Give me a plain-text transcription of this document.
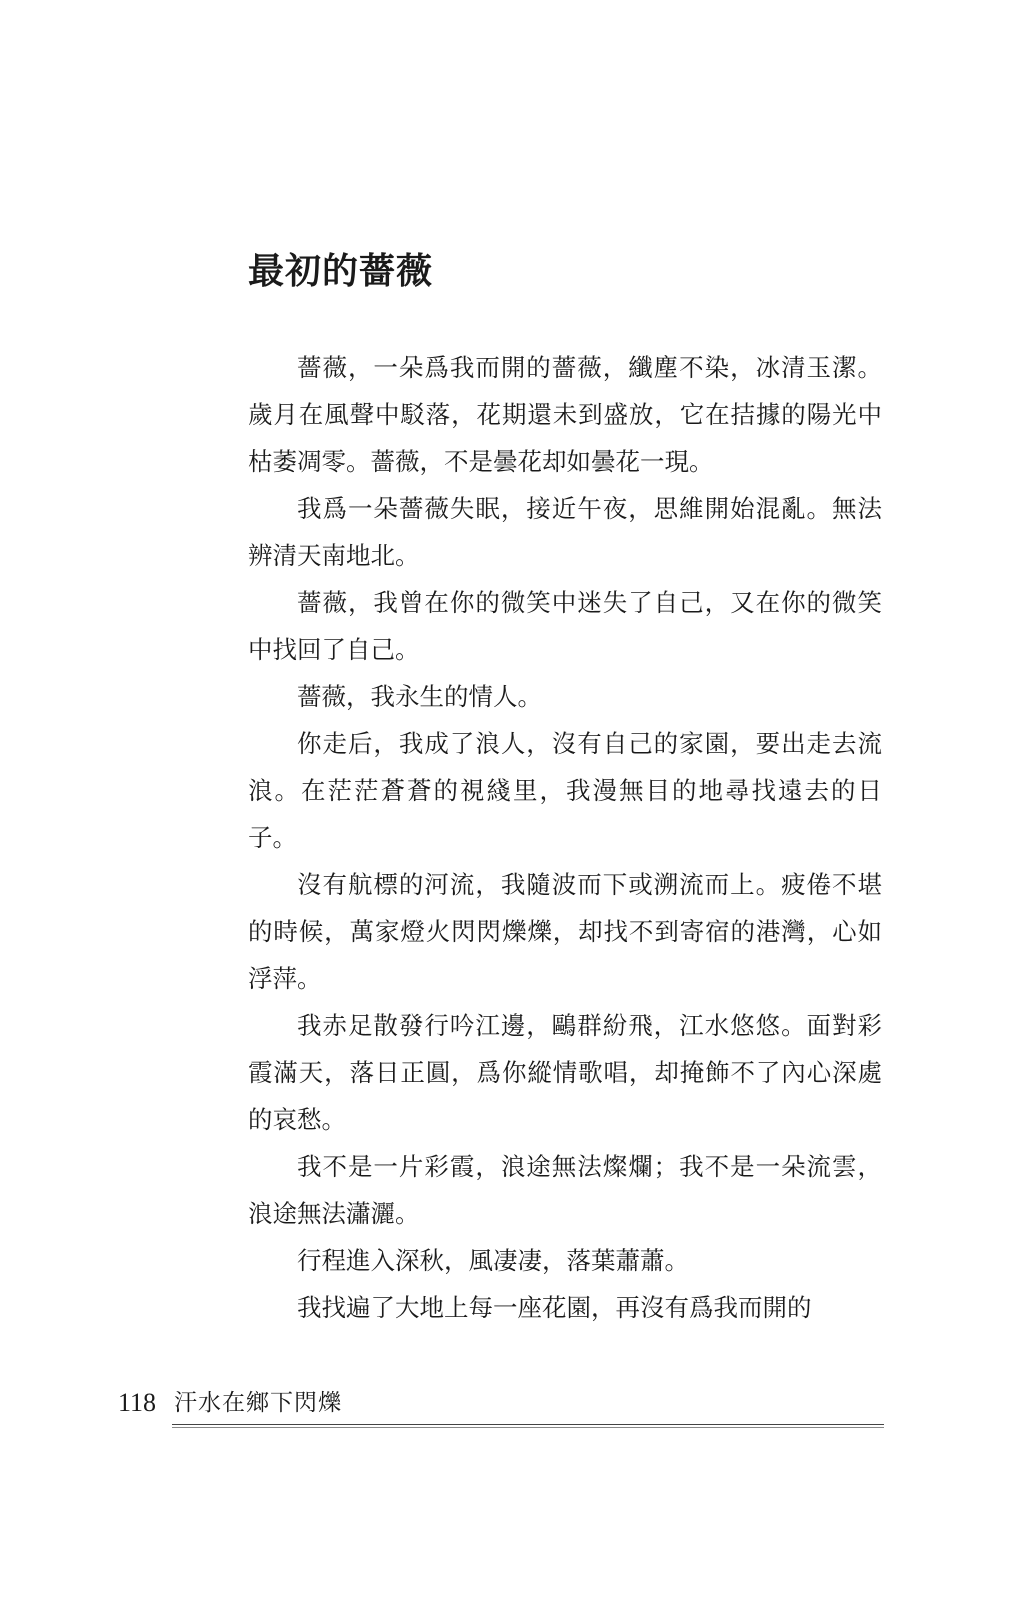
最初的薔薇

薔薇，一朵爲我而開的薔薇，纖塵不染，冰清玉潔。歲月在風聲中駁落，花期還未到盛放，它在拮據的陽光中枯萎凋零。薔薇，不是曇花却如曇花一現。

我爲一朵薔薇失眠，接近午夜，思維開始混亂。無法辨清天南地北。

薔薇，我曾在你的微笑中迷失了自己，又在你的微笑中找回了自己。

薔薇，我永生的情人。

你走后，我成了浪人，沒有自己的家園，要出走去流浪。在茫茫蒼蒼的視綫里，我漫無目的地尋找遠去的日子。

沒有航標的河流，我隨波而下或溯流而上。疲倦不堪的時候，萬家燈火閃閃爍爍，却找不到寄宿的港灣，心如浮萍。

我赤足散發行吟江邊，鷗群紛飛，江水悠悠。面對彩霞滿天，落日正圓，爲你縱情歌唱，却掩飾不了內心深處的哀愁。

我不是一片彩霞，浪途無法燦爛；我不是一朵流雲，浪途無法瀟灑。

行程進入深秋，風凄凄，落葉蕭蕭。

我找遍了大地上每一座花園，再沒有爲我而開的

118 汗水在鄉下閃爍
